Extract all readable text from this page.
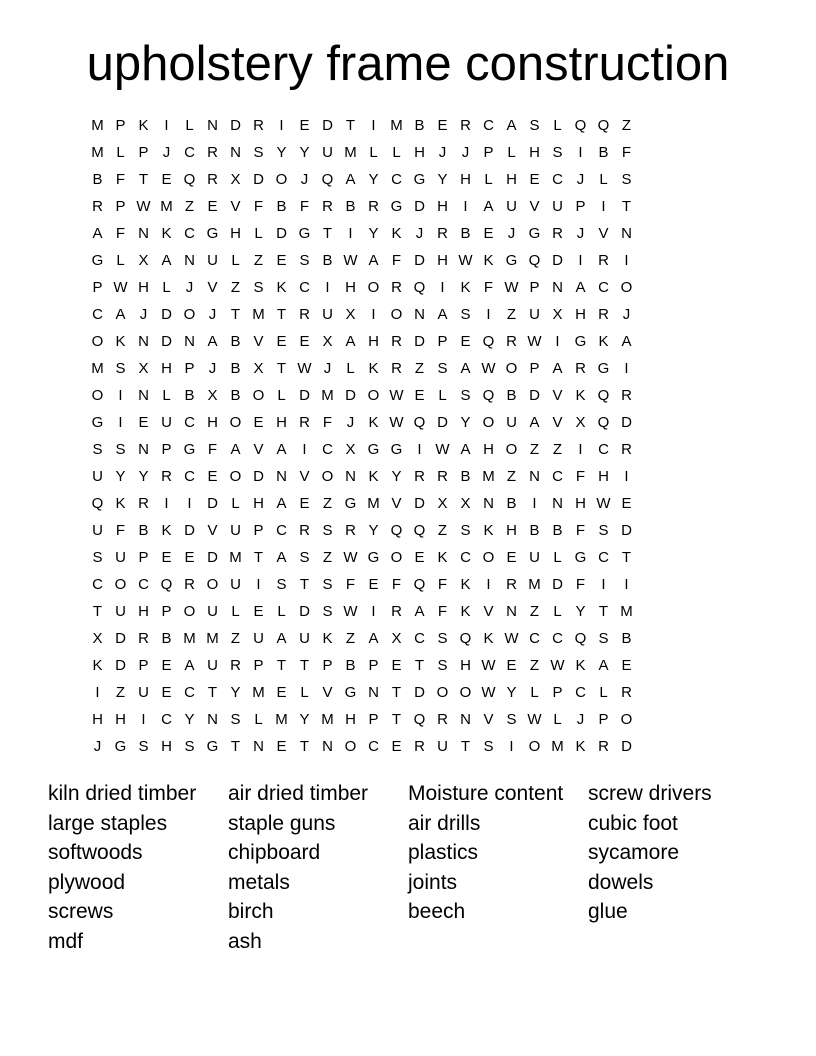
upholstery frame construction
M P K	I	L N D R	I	E D T	I M B E R C A S L Q Q Z
M L P J C R N S Y Y U M L L H J	J P L H S	I	B F
B F T E Q R X D O J Q A Y C G Y H L H E C J	L S
R P W M Z E V F B F R B R G D H	I	A U V U P	I	T
A F N K C G H L D G T	I	Y K J R B E J G R J V N
G L X A N U L Z E S B W A F D H W K G Q D	I	R	I
P W H L	J V Z S K C	I	H O R Q	I	K F W P N A C O
C A J D O J T M T R U X	I	O N A S	I	Z U X H R J
O K N D N A B V E E X A H R D P E Q R W I	G K A
M S X H P J B X T W J	L K R Z S A W O P A R G	I
O	I	N L B X B O L D M D O W E L S Q B D V K Q R
G	I	E U C H O E H R F J K W Q D Y O U A V X Q D
S S N P G F A V A	I	C X G G	I W A H O Z Z	I	C R
U Y Y R C E O D N V O N K Y R R B M Z N C F H	I
Q K R	I	I	D L H A E Z G M V D X X N B	I	N H W E
U F B K D V U P C R S R Y Q Q Z S K H B B F S D
S U P E E D M T A S Z W G O E K C O E U L G C T
C O C Q R O U	I	S T S F E F Q F K	I	R M D F	I	I
T U H P O U L E L D S W I	R A F K V N Z L Y T M
X D R B M M Z U A U K Z A X C S Q K W C C Q S B
K D P E A U R P T T P B P E T S H W E Z W K A E
I	Z U E C T Y M E L V G N T D O O W Y L P C L R
H H	I	C Y N S L M Y M H P T Q R N V S W L	J P O
J G S H S G T N E T N O C E R U T S	I	O M K R D
kiln dried timber
large staples
softwoods
plywood
screws
mdf
air dried timber
staple guns
chipboard
metals
birch
ash
Moisture content
air drills
plastics
joints
beech
screw drivers
cubic foot
sycamore
dowels
glue
